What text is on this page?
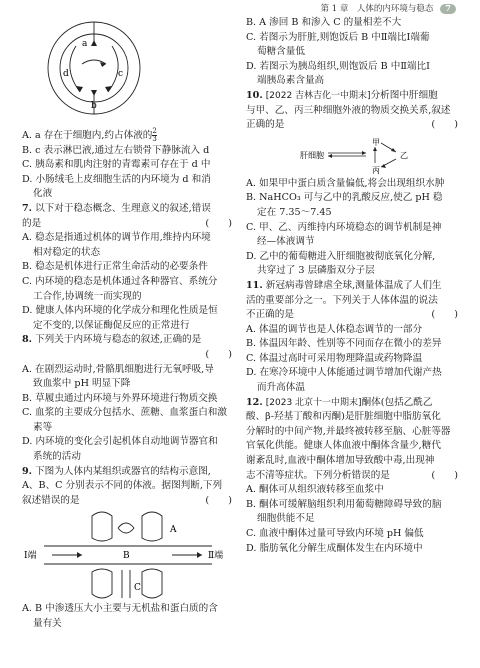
第 1 章　人体的内环境与稳态 7
a
d	c
b
A. a 存在于细胞内,约占体液的 $\frac{2}{3}$
B. c 表示淋巴液,通过左右锁骨下静脉流入 d
C. 胰岛素和肌肉注射的青霉素可存在于 d 中
D. 小肠绒毛上皮细胞生活的内环境为 d 和消
化液
7. 以下对于稳态概念、生理意义的叙述,错误
的是	(　　)
A. 稳态是指通过机体的调节作用,维持内环境
相对稳定的状态
B. 稳态是机体进行正常生命活动的必要条件
C. 内环境的稳态是机体通过各种器官、系统分
工合作,协调统一而实现的
D. 健康人体内环境的化学成分和理化性质是恒
定不变的,以保证酶促反应的正常进行
8. 下列关于内环境与稳态的叙述,正确的是
(　　)

A. 在剧烈运动时,骨骼肌细胞进行无氧呼吸,导
致血浆中 pH 明显下降
B. 草履虫通过内环境与外界环境进行物质交换
C. 血浆的主要成分包括水、蔗糖、血浆蛋白和激
素等
D. 内环境的变化会引起机体自动地调节器官和
系统的活动
9. 下图为人体内某组织或器官的结构示意图,
A、B、C 分别表示不同的体液。据图判断,下列
叙述错误的是	(　　)
Ⅰ端	Ⅱ端
B
A
C
A. B 中渗透压大小主要与无机盐和蛋白质的含
量有关
B. A 渗回 B 和渗入 C 的量相差不大
C. 若图示为肝脏,则饱饭后 B 中Ⅱ端比Ⅰ端葡
萄糖含量低
D. 若图示为胰岛组织,则饱饭后 B 中Ⅱ端比Ⅰ
端胰岛素含量高
10. [2022 吉林吉化一中期末]分析图中肝细胞
与甲、乙、丙三种细胞外液的物质交换关系,叙述
正确的是	(　　)
肝细胞
甲
乙
丙
A. 如果甲中蛋白质含量偏低,将会出现组织水肿
B. NaHCO₃ 可与乙中的乳酸反应,使乙 pH 稳
定在 7.35～7.45
C. 甲、乙、丙维持内环境稳态的调节机制是神
经—体液调节
D. 乙中的葡萄糖进入肝细胞被彻底氧化分解,
共穿过了 3 层磷脂双分子层
11. 新冠病毒曾肆虐全球,测量体温成了人们生
活的重要部分之一。下列关于人体体温的说法
不正确的是	(　　)
A. 体温的调节也是人体稳态调节的一部分
B. 体温因年龄、性别等不同而存在微小的差异
C. 体温过高时可采用物理降温或药物降温
D. 在寒冷环境中人体能通过调节增加代谢产热
而升高体温
12. [2023 北京十一中期末]酮体(包括乙酰乙
酸、β-羟基丁酸和丙酮)是肝脏细胞中脂肪氧化
分解时的中间产物,并最终被转移至脑、心脏等器
官氧化供能。健康人体血液中酮体含量少,糖代
谢紊乱时,血液中酮体增加导致酸中毒,出现神
志不清等症状。下列分析错误的是	(　　)
A. 酮体可从组织液转移至血浆中
B. 酮体可缓解脑组织利用葡萄糖障碍导致的脑
细胞供能不足
C. 血液中酮体过量可导致内环境 pH 偏低
D. 脂肪氧化分解生成酮体发生在内环境中
